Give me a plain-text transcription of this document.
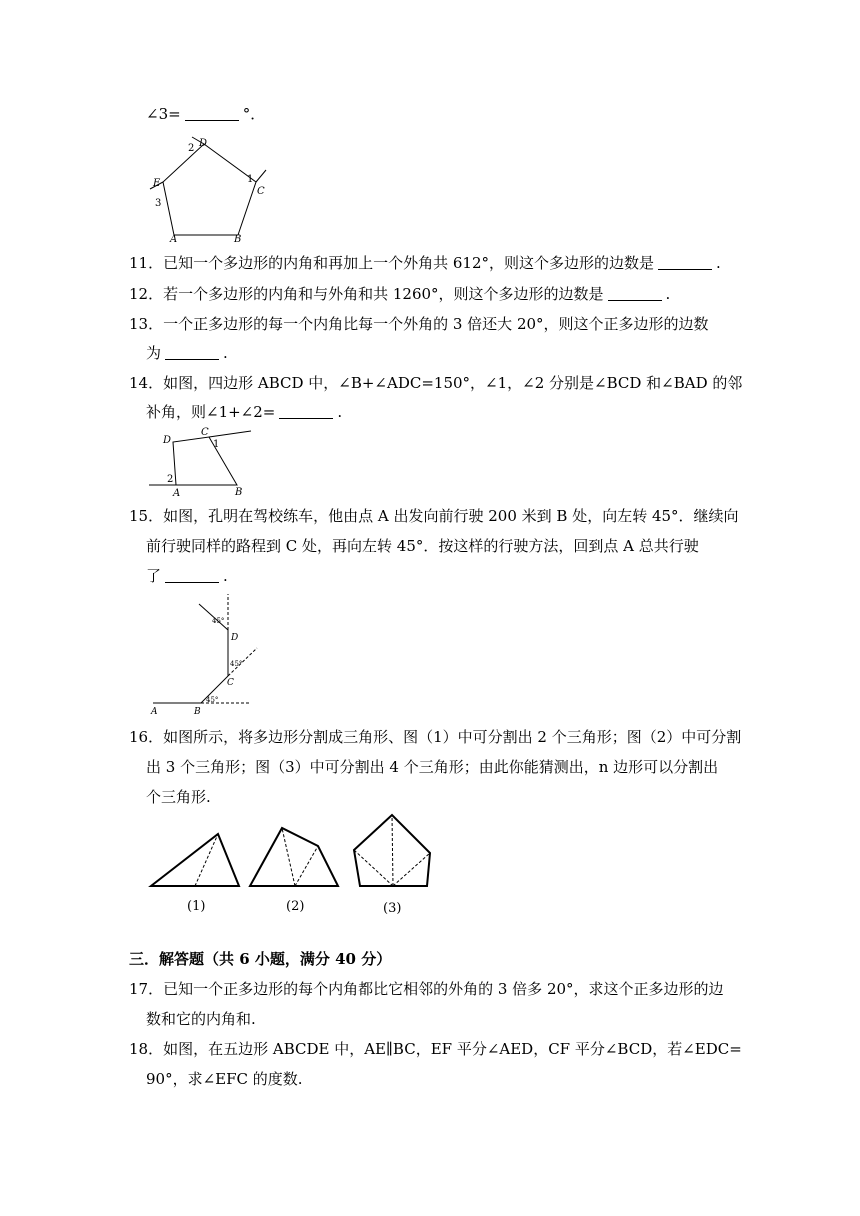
∠3=	°．
D
C
E
A	B
1
2
3
11．已知一个多边形的内角和再加上一个外角共 612°，则这个多边形的边数是	.
12．若一个多边形的内角和与外角和共 1260°，则这个多边形的边数是	.
13．一个正多边形的每一个内角比每一个外角的 3 倍还大 20°，则这个正多边形的边数
为	.
14．如图，四边形 ABCD 中，∠B+∠ADC=150°，∠1，∠2 分别是∠BCD 和∠BAD 的邻
补角，则∠1+∠2=	.
D
C
A	B
1
2
15．如图，孔明在驾校练车，他由点 A 出发向前行驶 200 米到 B 处，向左转 45°．继续向
前行驶同样的路程到 C 处，再向左转 45°．按这样的行驶方法，回到点 A 总共行驶
了	.
A	B
C
D
45°
45°
45°
16．如图所示，将多边形分割成三角形、图（1）中可分割出 2 个三角形；图（2）中可分割
出 3 个三角形；图（3）中可分割出 4 个三角形；由此你能猜测出，n 边形可以分割出
个三角形.
(1)	(2)	(3)
三．解答题（共 6 小题，满分 40 分）
17．已知一个正多边形的每个内角都比它相邻的外角的 3 倍多 20°，求这个正多边形的边
数和它的内角和.
18．如图，在五边形 ABCDE 中，AE∥BC，EF 平分∠AED，CF 平分∠BCD，若∠EDC=
90°，求∠EFC 的度数.
